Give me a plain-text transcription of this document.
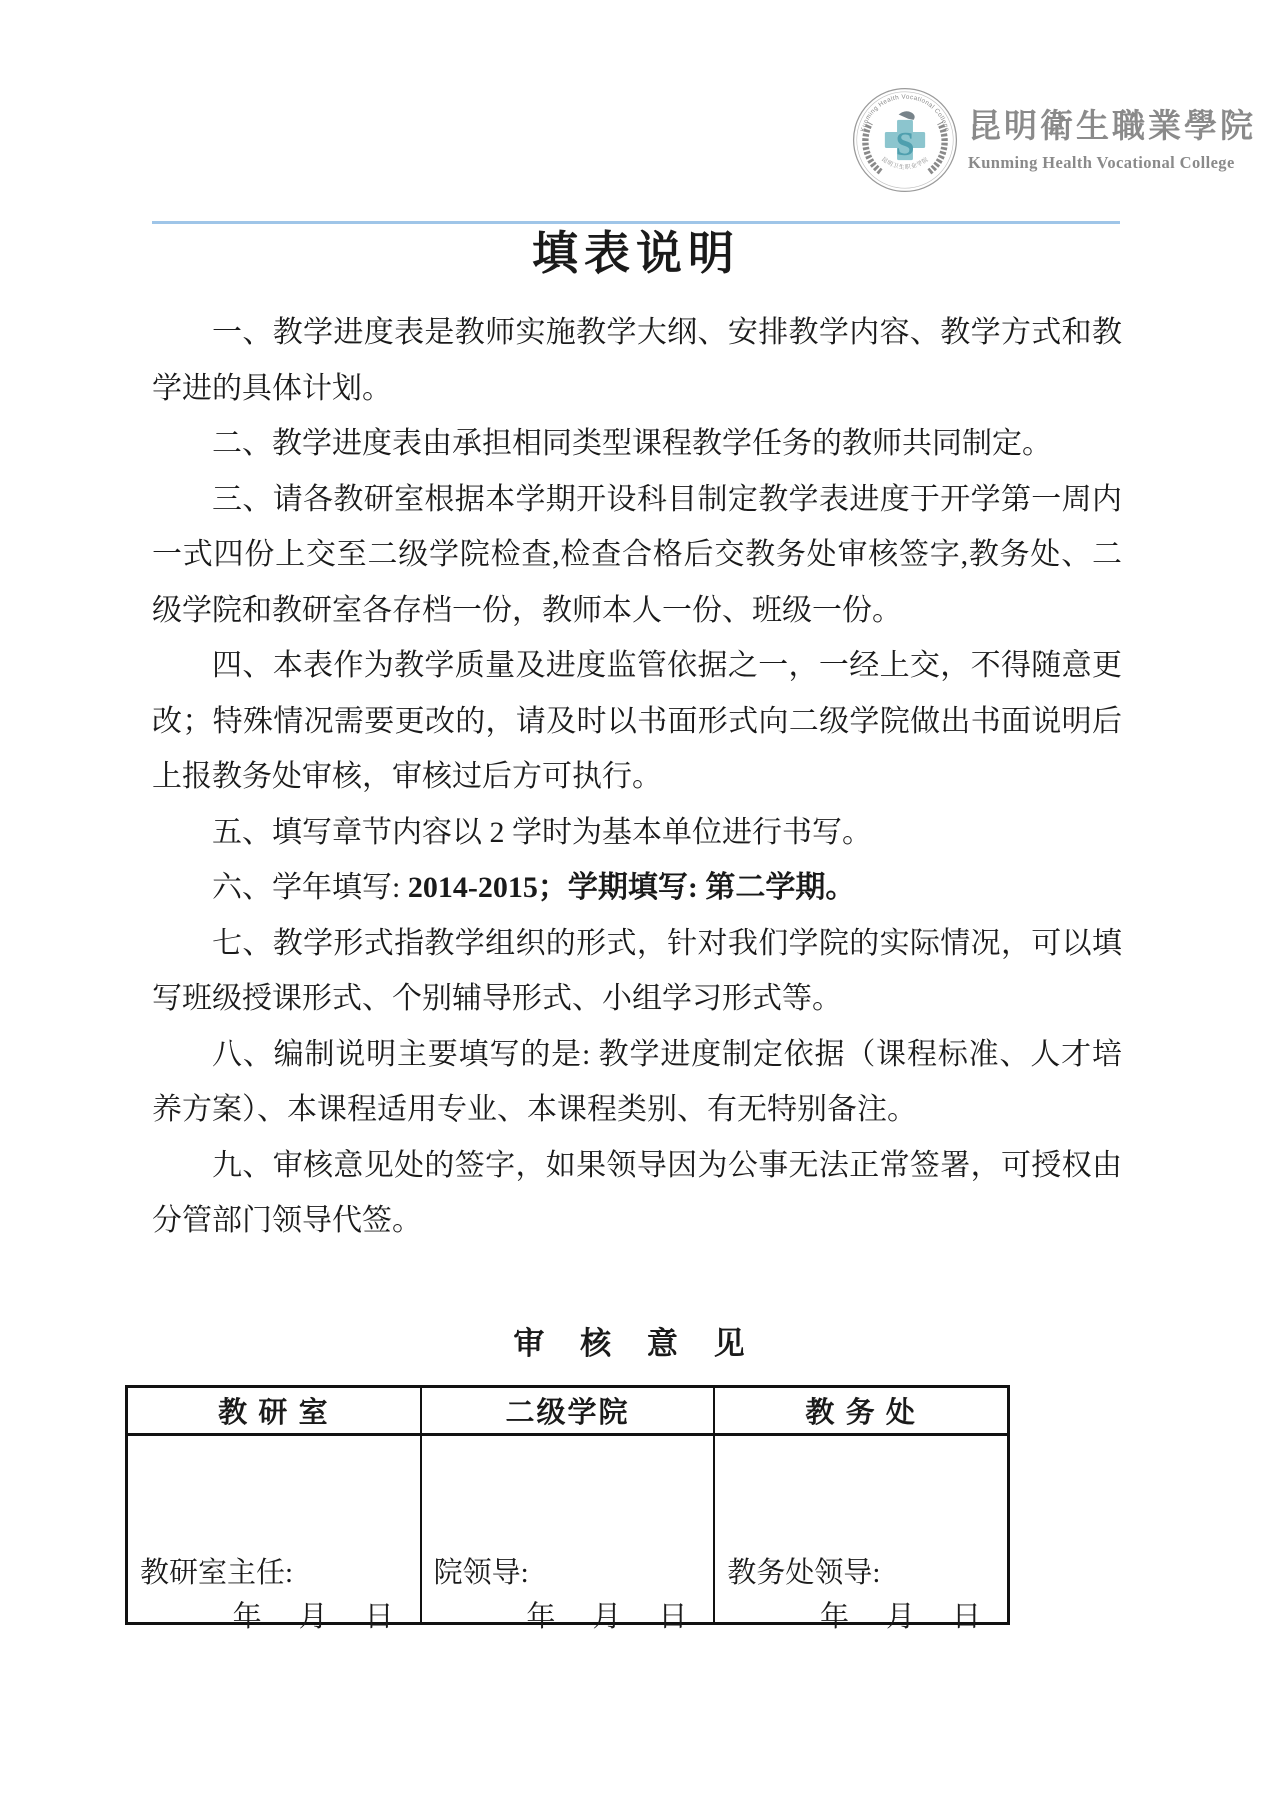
Kunming Health Vocational College
S
昆明卫生职业学院
昆明衛生職業學院
Kunming Health Vocational College
填表说明

一、教学进度表是教师实施教学大纲、安排教学内容、教学方式和教学进的具体计划。

二、教学进度表由承担相同类型课程教学任务的教师共同制定。

三、请各教研室根据本学期开设科目制定教学表进度于开学第一周内一式四份上交至二级学院检查,检查合格后交教务处审核签字,教务处、二级学院和教研室各存档一份，教师本人一份、班级一份。

四、本表作为教学质量及进度监管依据之一，一经上交，不得随意更改；特殊情况需要更改的，请及时以书面形式向二级学院做出书面说明后上报教务处审核，审核过后方可执行。

五、填写章节内容以 2 学时为基本单位进行书写。

六、学年填写: 2014-2015；学期填写: 第二学期。

七、教学形式指教学组织的形式，针对我们学院的实际情况，可以填写班级授课形式、个别辅导形式、小组学习形式等。

八、编制说明主要填写的是: 教学进度制定依据（课程标准、人才培养方案）、本课程适用专业、本课程类别、有无特别备注。

九、审核意见处的签字，如果领导因为公事无法正常签署，可授权由分管部门领导代签。

审 核 意 见
教 研 室	二级学院	教 务 处
教研室主任:
年　月　日
院领导:
年　月　日
教务处领导:
年　月　日
